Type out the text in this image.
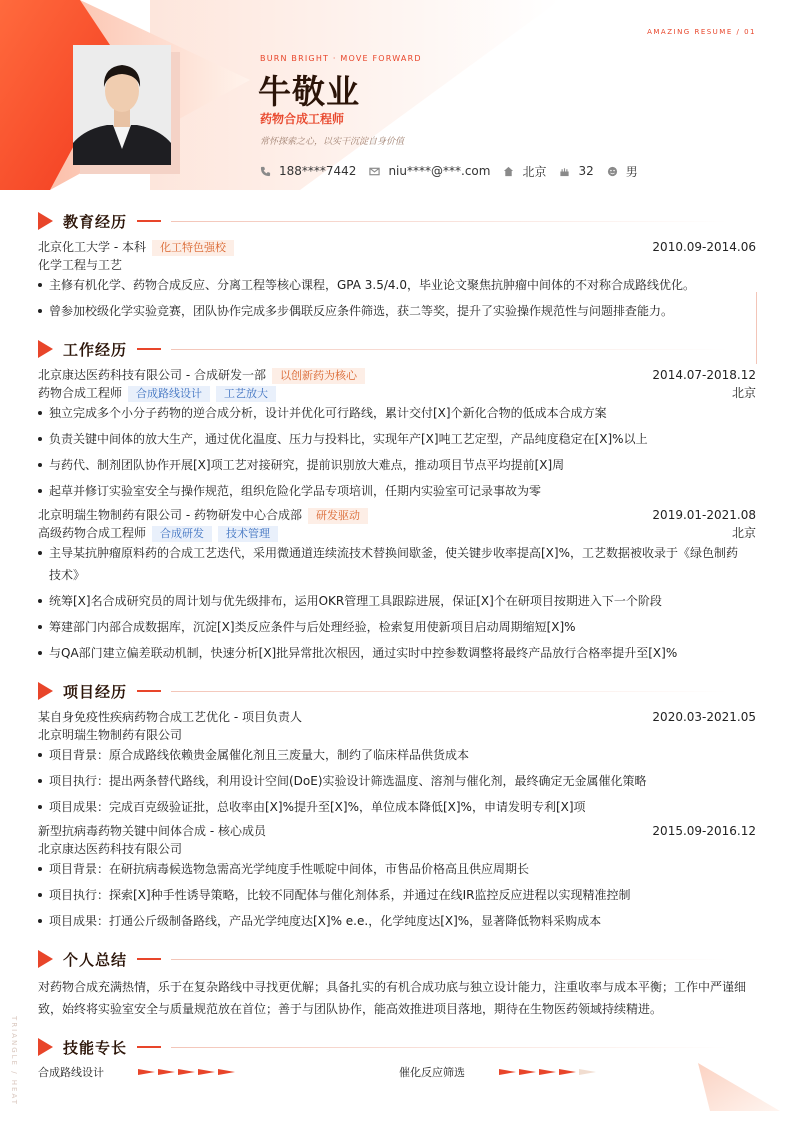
AMAZING RESUME / 01
BURN BRIGHT · MOVE FORWARD
牛敬业
药物合成工程师
常怀探索之心，以实干沉淀自身价值
188****7442	niu****@***.com	北京	32	男
教育经历
北京化工大学 - 本科 化工特色强校	2010.09-2014.06
化学工程与工艺
主修有机化学、药物合成反应、分离工程等核心课程，GPA 3.5/4.0，毕业论文聚焦抗肿瘤中间体的不对称合成路线优化。
曾参加校级化学实验竞赛，团队协作完成多步偶联反应条件筛选，获二等奖，提升了实验操作规范性与问题排查能力。
工作经历
北京康达医药科技有限公司 - 合成研发一部 以创新药为核心	2014.07-2018.12
药物合成工程师 合成路线设计 工艺放大	北京
独立完成多个小分子药物的逆合成分析，设计并优化可行路线，累计交付[X]个新化合物的低成本合成方案
负责关键中间体的放大生产，通过优化温度、压力与投料比，实现年产[X]吨工艺定型，产品纯度稳定在[X]%以上
与药代、制剂团队协作开展[X]项工艺对接研究，提前识别放大难点，推动项目节点平均提前[X]周
起草并修订实验室安全与操作规范，组织危险化学品专项培训，任期内实验室可记录事故为零
北京明瑞生物制药有限公司 - 药物研发中心合成部 研发驱动	2019.01-2021.08
高级药物合成工程师 合成研发 技术管理	北京
主导某抗肿瘤原料药的合成工艺迭代，采用微通道连续流技术替换间歇釜，使关键步收率提高[X]%，工艺数据被收录于《绿色制药技术》
统筹[X]名合成研究员的周计划与优先级排布，运用OKR管理工具跟踪进展，保证[X]个在研项目按期进入下一个阶段
筹建部门内部合成数据库，沉淀[X]类反应条件与后处理经验，检索复用使新项目启动周期缩短[X]%
与QA部门建立偏差联动机制，快速分析[X]批异常批次根因，通过实时中控参数调整将最终产品放行合格率提升至[X]%
项目经历
某自身免疫性疾病药物合成工艺优化 - 项目负责人	2020.03-2021.05
北京明瑞生物制药有限公司
项目背景：原合成路线依赖贵金属催化剂且三废量大，制约了临床样品供货成本
项目执行：提出两条替代路线，利用设计空间(DoE)实验设计筛选温度、溶剂与催化剂，最终确定无金属催化策略
项目成果：完成百克级验证批，总收率由[X]%提升至[X]%，单位成本降低[X]%，申请发明专利[X]项
新型抗病毒药物关键中间体合成 - 核心成员	2015.09-2016.12
北京康达医药科技有限公司
项目背景：在研抗病毒候选物急需高光学纯度手性哌啶中间体，市售品价格高且供应周期长
项目执行：探索[X]种手性诱导策略，比较不同配体与催化剂体系，并通过在线IR监控反应进程以实现精准控制
项目成果：打通公斤级制备路线，产品光学纯度达[X]% e.e.，化学纯度达[X]%，显著降低物料采购成本
个人总结
对药物合成充满热情，乐于在复杂路线中寻找更优解；具备扎实的有机合成功底与独立设计能力，注重收率与成本平衡；工作中严谨细致，始终将实验室安全与质量规范放在首位；善于与团队协作，能高效推进项目落地，期待在生物医药领域持续精进。
技能专长
合成路线设计	催化反应筛选
TRIANGLE / HEAT
